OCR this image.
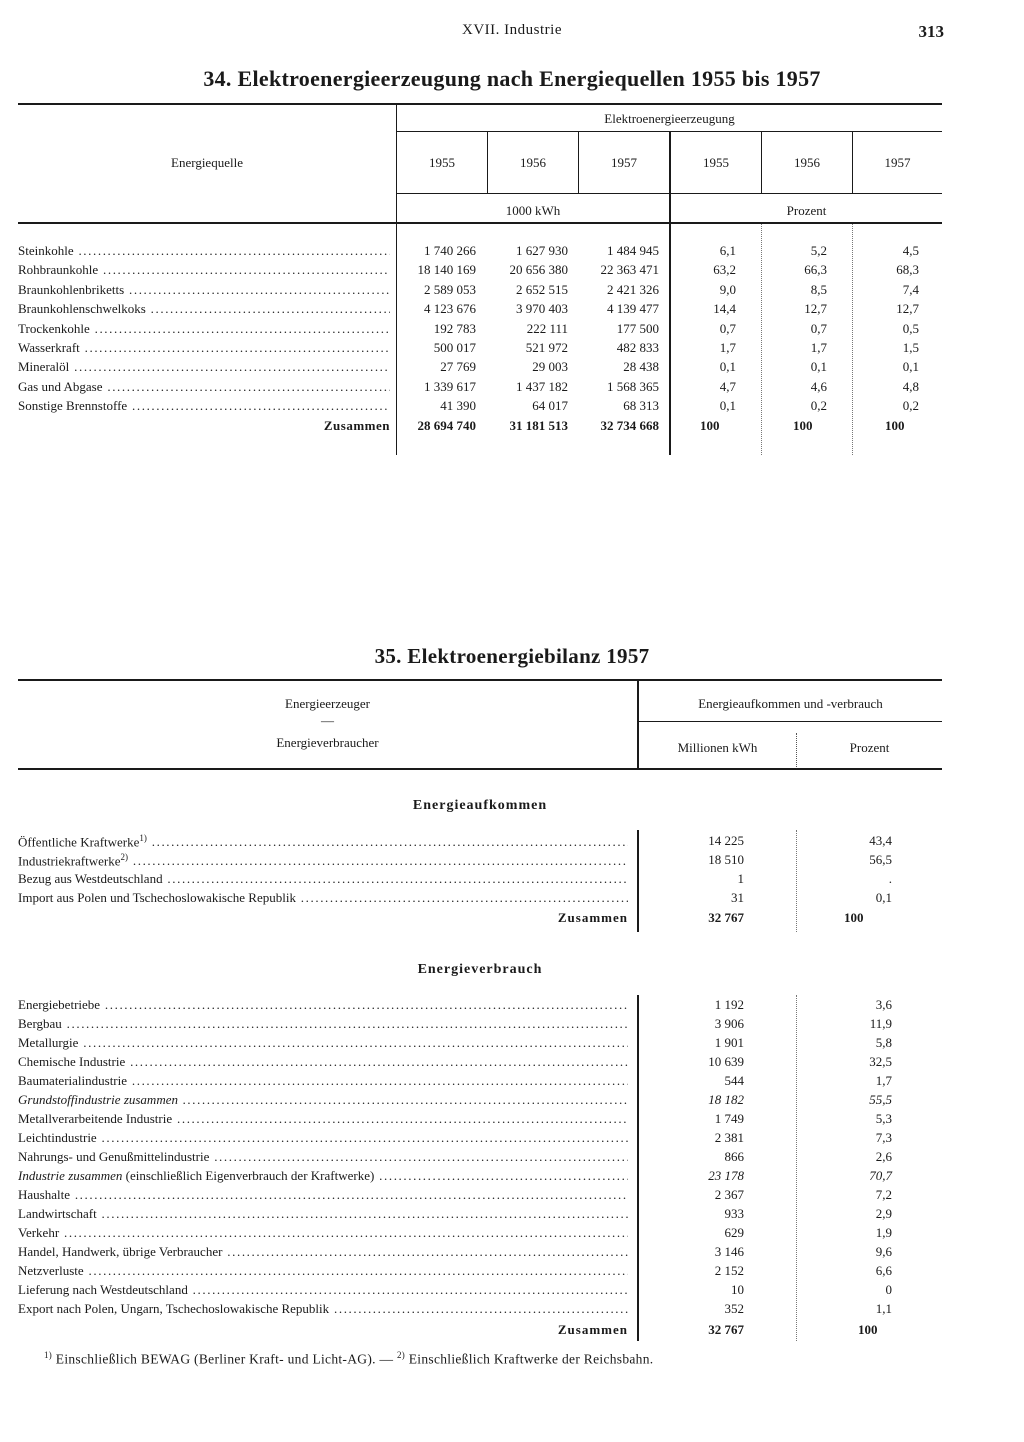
XVII. Industrie	313
34. Elektroenergieerzeugung nach Energiequellen 1955 bis 1957
Energiequelle
Elektroenergieerzeugung
1955	1956	1957	1955	1956	1957
1000 kWh	Prozent
Steinkohle .....	1 740 266	1 627 930	1 484 945	6,1	5,2	4,5
Rohbraunkohle .....	18 140 169	20 656 380	22 363 471	63,2	66,3	68,3
Braunkohlenbriketts .....	2 589 053	2 652 515	2 421 326	9,0	8,5	7,4
Braunkohlenschwelkoks .....	4 123 676	3 970 403	4 139 477	14,4	12,7	12,7
Trockenkohle .....	192 783	222 111	177 500	0,7	0,7	0,5
Wasserkraft .....	500 017	521 972	482 833	1,7	1,7	1,5
Mineralöl .....	27 769	29 003	28 438	0,1	0,1	0,1
Gas und Abgase .....	1 339 617	1 437 182	1 568 365	4,7	4,6	4,8
Sonstige Brennstoffe .....	41 390	64 017	68 313	0,1	0,2	0,2
Zusammen	28 694 740	31 181 513	32 734 668	100	100	100
35. Elektroenergiebilanz 1957
Energieerzeuger
—
Energieverbraucher
Energieaufkommen und -verbrauch
Millionen kWh	Prozent
Energieaufkommen
Öffentliche Kraftwerke$^{1)}$ .....	14 225	43,4
Industriekraftwerke$^{2)}$ .....	18 510	56,5
Bezug aus Westdeutschland .....	1	.
Import aus Polen und Tschechoslowakische Republik .....	31	0,1
Zusammen	32 767	100
Energieverbrauch
Energiebetriebe .....	1 192	3,6
Bergbau .....	3 906	11,9
Metallurgie .....	1 901	5,8
Chemische Industrie .....	10 639	32,5
Baumaterialindustrie .....	544	1,7
Grundstoffindustrie zusammen .....	18 182	55,5
Metallverarbeitende Industrie .....	1 749	5,3
Leichtindustrie .....	2 381	7,3
Nahrungs- und Genußmittelindustrie .....	866	2,6
Industrie zusammen (einschließlich Eigenverbrauch der Kraftwerke) .....	23 178	70,7
Haushalte .....	2 367	7,2
Landwirtschaft .....	933	2,9
Verkehr .....	629	1,9
Handel, Handwerk, übrige Verbraucher .....	3 146	9,6
Netzverluste .....	2 152	6,6
Lieferung nach Westdeutschland .....	10	0
Export nach Polen, Ungarn, Tschechoslowakische Republik .....	352	1,1
Zusammen	32 767	100
$^{1)}$ Einschließlich BEWAG (Berliner Kraft- und Licht-AG). — $^{2)}$ Einschließlich Kraftwerke der Reichsbahn.
